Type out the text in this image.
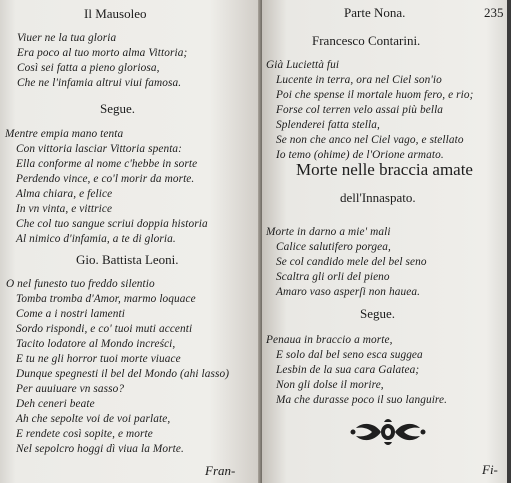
Il Mausoleo
Viuer ne la tua gloria
Era poco al tuo morto alma Vittoria;
Così sei fatta a pieno gloriosa,
Che ne l'infamia altrui viui famosa.
Segue.
Mentre empia mano tenta
Con vittoria lasciar Vittoria spenta:
Ella conforme al nome c'hebbe in sorte
Perdendo vince, e co'l morir da morte.
Alma chiara, e felice
In vn vinta, e vittrice
Che col tuo sangue scriui doppia historia
Al nimico d'infamia, a te di gloria.
Gio. Battista Leoni.
O nel funesto tuo freddo silentio
Tomba tromba d'Amor, marmo loquace
Come a i nostri lamenti
Sordo rispondi, e co' tuoi muti accenti
Tacito lodatore al Mondo increści,
E tu ne gli horror tuoi morte viuace
Dunque spegnesti il bel del Mondo (ahi lasso)
Per auuiuare vn sasso?
Deh ceneri beate
Ah che sepolte voi de voi parlate,
E rendete così sopite, e morte
Nel sepolcro hoggi dì viua la Morte.
Fran-
Parte Nona.	235
Francesco Contarini.
Già Luciettà fui
Lucente in terra, ora nel Ciel son'io
Poi che spense il mortale huom fero, e rio;
Forse col terren velo assai più bella
Splenderei fatta stella,
Se non che anco nel Ciel vago, e stellato
Io temo (ohime) de l'Orione armato.
Morte nelle braccia amate
dell'Innaspato.
Morte in darno a mie' mali
Calice salutifero porgea,
Se col candido mele del bel seno
Scaltra gli orli del pieno
Amaro vaso asperſi non hauea.
Segue.
Penaua in braccio a morte,
E solo dal bel seno esca suggea
Lesbin de la sua cara Galatea;
Non gli dolse il morire,
Ma che durasse poco il suo languire.
Fi-
